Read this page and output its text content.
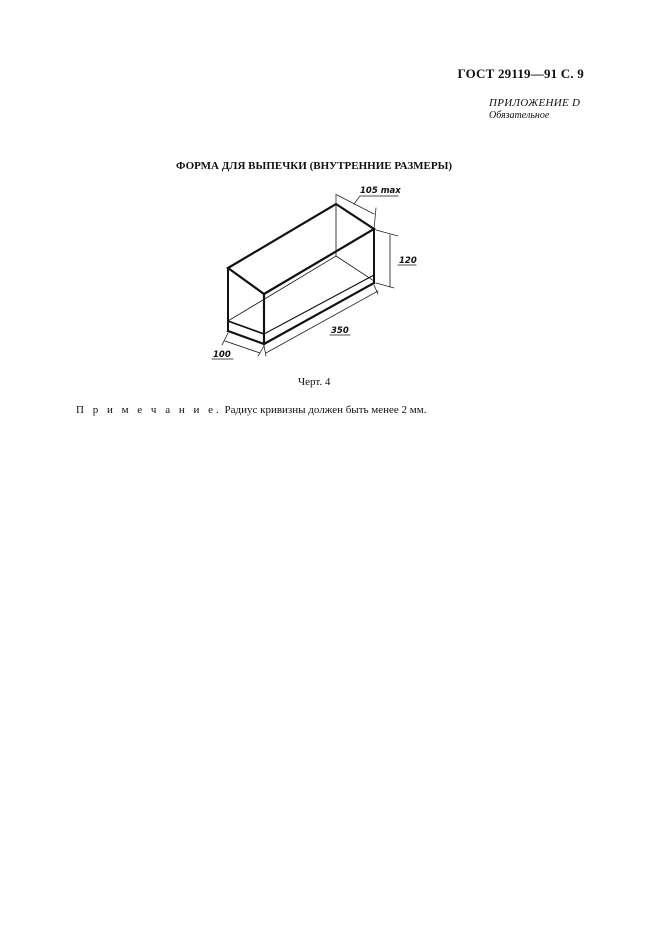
ГОСТ 29119—91 С. 9
ПРИЛОЖЕНИЕ D
Обязательное
ФОРМА ДЛЯ ВЫПЕЧКИ (ВНУТРЕННИЕ РАЗМЕРЫ)
105 max
120
350
100
Черт. 4
П р и м е ч а н и е. Радиус кривизны должен быть менее 2 мм.
